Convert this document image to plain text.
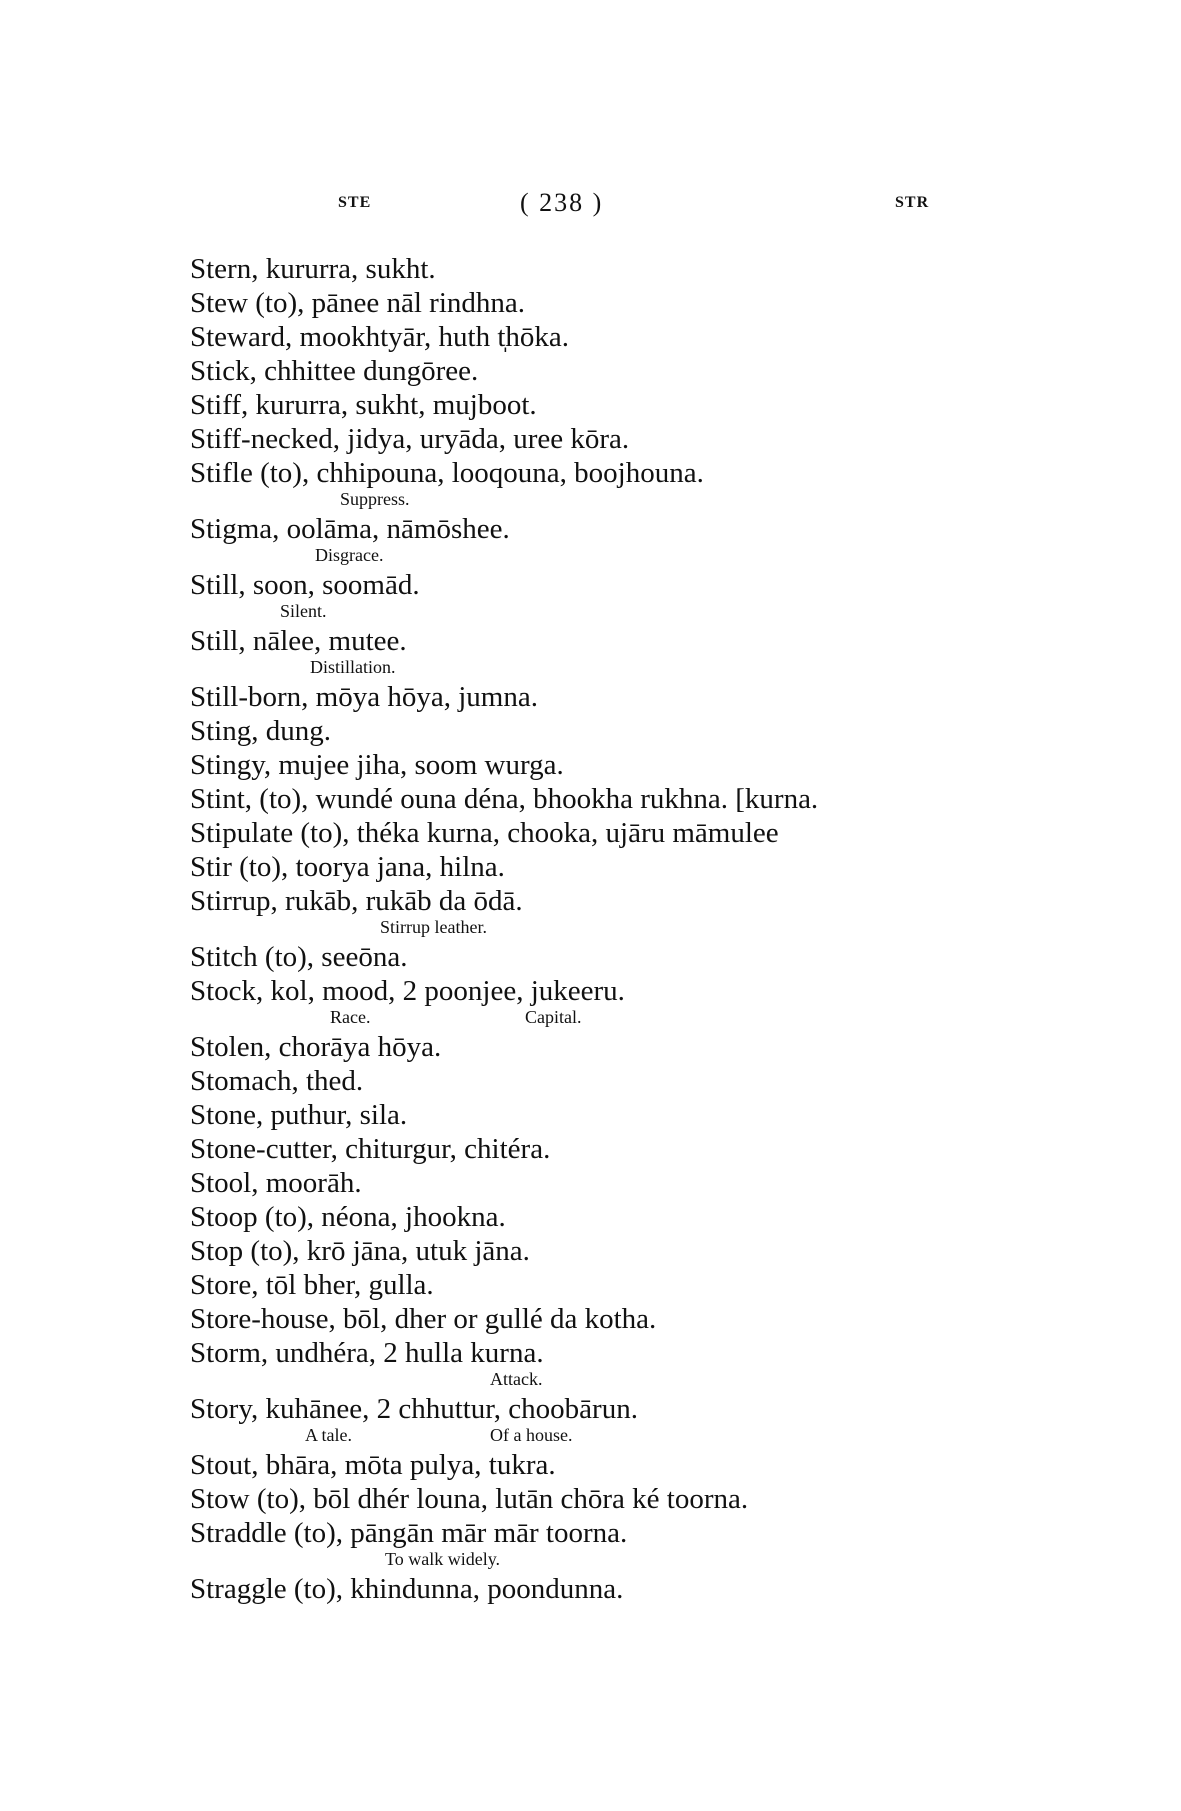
STE	( 238 )	STR
Stern, kururra, sukht.
Stew (to), pānee nāl rindhna.
Steward, mookhtyār, huth t̩hōka.
Stick, chhittee dungōree.
Stiff, kururra, sukht, mujboot.
Stiff-necked, jidya, uryāda, uree kōra.
Stifle (to), chhipouna, looqouna, boojhouna.
Suppress.
Stigma, oolāma, nāmōshee.
Disgrace.
Still, soon, soomād.
Silent.
Still, nālee, mutee.
Distillation.
Still-born, mōya hōya, jumna.
Sting, dung.
Stingy, mujee jiha, soom wurga.
Stint, (to), wundé ouna déna, bhookha rukhna. [kurna.
Stipulate (to), théka kurna, chooka, ujāru māmulee
Stir (to), toorya jana, hilna.
Stirrup, rukāb, rukāb da ōdā.
Stirrup leather.
Stitch (to), seeōna.
Stock, kol, mood, 2 poonjee, jukeeru.
Race.	Capital.
Stolen, chorāya hōya.
Stomach, thed.
Stone, puthur, sila.
Stone-cutter, chiturgur, chitéra.
Stool, moorāh.
Stoop (to), néona, jhookna.
Stop (to), krō jāna, utuk jāna.
Store, tōl bher, gulla.
Store-house, bōl, dher or gullé da kotha.
Storm, undhéra, 2 hulla kurna.
Attack.
Story, kuhānee, 2 chhuttur, choobārun.
A tale.	Of a house.
Stout, bhāra, mōta pulya, tukra.
Stow (to), bōl dhér louna, lutān chōra ké toorna.
Straddle (to), pāngān mār mār toorna.
To walk widely.
Straggle (to), khindunna, poondunna.
